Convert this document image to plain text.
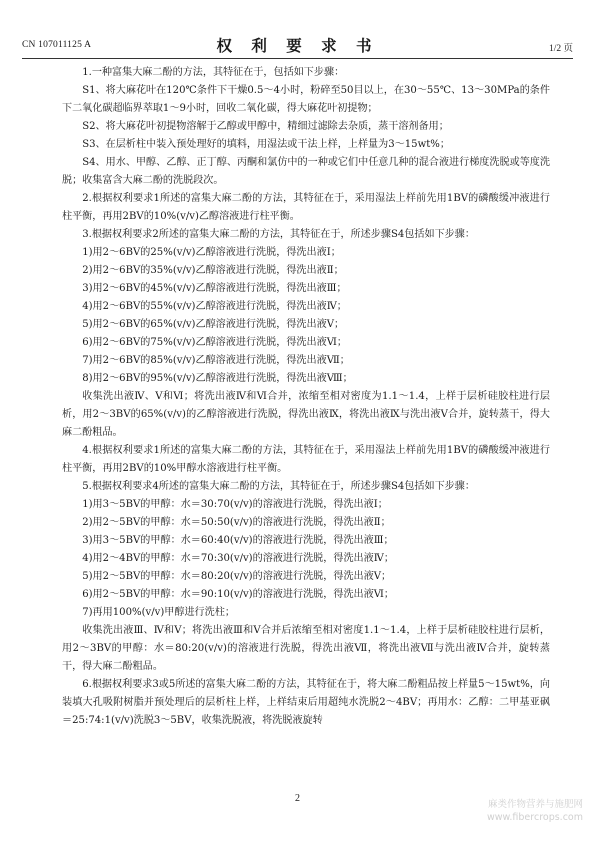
CN 107011125 A	权 利 要 求 书	1/2 页

1.一种富集大麻二酚的方法，其特征在于，包括如下步骤：

S1、将大麻花叶在120℃条件下干燥0.5～4小时，粉碎至50目以上，在30～55℃、13～30MPa的条件下二氧化碳超临界萃取1～9小时，回收二氧化碳，得大麻花叶初提物；

S2、将大麻花叶初提物溶解于乙醇或甲醇中，精细过滤除去杂质，蒸干溶剂备用；

S3、在层析柱中装入预处理好的填料，用湿法或干法上样，上样量为3～15wt%；

S4、用水、甲醇、乙醇、正丁醇、丙酮和氯仿中的一种或它们中任意几种的混合液进行梯度洗脱或等度洗脱；收集富含大麻二酚的洗脱段次。

2.根据权利要求1所述的富集大麻二酚的方法，其特征在于，采用湿法上样前先用1BV的磷酸缓冲液进行柱平衡，再用2BV的10%(v/v)乙醇溶液进行柱平衡。

3.根据权利要求2所述的富集大麻二酚的方法，其特征在于，所述步骤S4包括如下步骤：

1)用2～6BV的25%(v/v)乙醇溶液进行洗脱，得洗出液Ⅰ；

2)用2～6BV的35%(v/v)乙醇溶液进行洗脱，得洗出液Ⅱ；

3)用2～6BV的45%(v/v)乙醇溶液进行洗脱，得洗出液Ⅲ；

4)用2～6BV的55%(v/v)乙醇溶液进行洗脱，得洗出液Ⅳ；

5)用2～6BV的65%(v/v)乙醇溶液进行洗脱，得洗出液Ⅴ；

6)用2～6BV的75%(v/v)乙醇溶液进行洗脱，得洗出液Ⅵ；

7)用2～6BV的85%(v/v)乙醇溶液进行洗脱，得洗出液Ⅶ；

8)用2～6BV的95%(v/v)乙醇溶液进行洗脱，得洗出液Ⅷ；

收集洗出液Ⅳ、Ⅴ和Ⅵ；将洗出液Ⅳ和Ⅵ合并，浓缩至相对密度为1.1～1.4，上样于层析硅胶柱进行层析，用2～3BV的65%(v/v)的乙醇溶液进行洗脱，得洗出液Ⅸ，将洗出液Ⅸ与洗出液Ⅴ合并，旋转蒸干，得大麻二酚粗品。

4.根据权利要求1所述的富集大麻二酚的方法，其特征在于，采用湿法上样前先用1BV的磷酸缓冲液进行柱平衡，再用2BV的10%甲醇水溶液进行柱平衡。

5.根据权利要求4所述的富集大麻二酚的方法，其特征在于，所述步骤S4包括如下步骤：

1)用3～5BV的甲醇：水＝30:70(v/v)的溶液进行洗脱，得洗出液Ⅰ；

2)用2～5BV的甲醇：水＝50:50(v/v)的溶液进行洗脱，得洗出液Ⅱ；

3)用3～5BV的甲醇：水＝60:40(v/v)的溶液进行洗脱，得洗出液Ⅲ；

4)用2～4BV的甲醇：水＝70:30(v/v)的溶液进行洗脱，得洗出液Ⅳ；

5)用2～5BV的甲醇：水＝80:20(v/v)的溶液进行洗脱，得洗出液Ⅴ；

6)用2～5BV的甲醇：水＝90:10(v/v)的溶液进行洗脱，得洗出液Ⅵ；

7)再用100%(v/v)甲醇进行洗柱；

收集洗出液Ⅲ、Ⅳ和Ⅴ；将洗出液Ⅲ和Ⅴ合并后浓缩至相对密度1.1～1.4，上样于层析硅胶柱进行层析，用2～3BV的甲醇：水＝80:20(v/v)的溶液进行洗脱，得洗出液Ⅶ，将洗出液Ⅶ与洗出液Ⅳ合并，旋转蒸干，得大麻二酚粗品。

6.根据权利要求3或5所述的富集大麻二酚的方法，其特征在于，将大麻二酚粗品按上样量5～15wt%，向装填大孔吸附树脂并预处理后的层析柱上样，上样结束后用超纯水洗脱2～4BV；再用水：乙醇：二甲基亚砜＝25:74:1(v/v)洗脱3～5BV，收集洗脱液，将洗脱液旋转

2
麻类作物营养与施肥网
www.fibercrops.com
